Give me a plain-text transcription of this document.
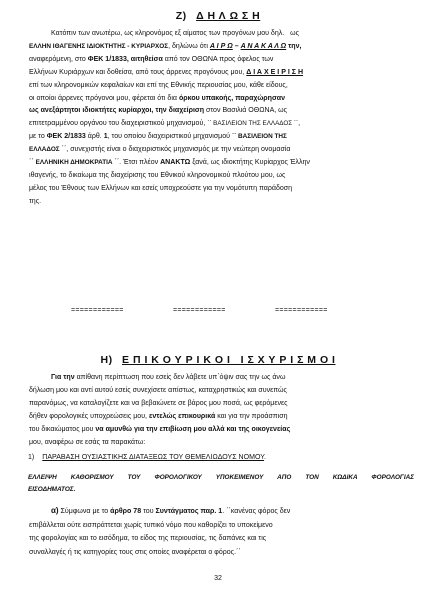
Ζ) Δ Η Λ Ω Σ Η
Κατόπιν των ανωτέρω, ως κληρονόμος εξ αίματος των προγόνων μου δηλ.   ως
ΕΛΛΗΝ ΙΘΑΓΕΝΗΣ ΙΔΙΟΚΤΗΤΗΣ - ΚΥΡΙΑΡΧΟΣ, δηλώνω ότι Α Ι Ρ Ω – Α Ν Α Κ Α Λ Ω την,
αναφερόμενη, στο ΦΕΚ 1/1833, αιτηθείσα από τον ΟΘΩΝΑ προς όφελος των
Ελλήνων Κυριάρχων και δοθείσα, από τους άρρενες προγόνους μου, Δ Ι Α Χ Ε Ι Ρ Ι Σ Η
επί των κληρονομικών κεφαλαίων και επί της Εθνικής περιουσίας μου, κάθε είδους,
οι οποίοι άρρενες πρόγονοι μου, φέρεται ότι δια όρκου υπακοής, παραχώρησαν
ως ανεξάρτητοι ιδιοκτήτες κυρίαρχοι, την διαχείριση στον Βασιλιά ΟΘΩΝΑ, ως
επιτετραμμένου οργάνου του διαχειριστικού μηχανισμού, ΄΄ ΒΑΣΙΛΕΙΟΝ ΤΗΣ ΕΛΛΑΔΟΣ ΄΄,
με το ΦΕΚ 2/1833 άρθ. 1, του οποίου διαχειριστικού μηχανισμού ΄΄ ΒΑΣΙΛΕΙΟΝ ΤΗΣ
ΕΛΛΑΔΟΣ ΄΄, συνεχιστής είναι ο διαχειριστικός μηχανισμός με την νεώτερη ονομασία
΄΄ ΕΛΛΗΝΙΚΗ ΔΗΜΟΚΡΑΤΙΑ ΄΄. Έτσι πλέον ΑΝΑΚΤΩ ξανά, ως ιδιοκτήτης Κυρίαρχος Έλλην
ιθαγενής, το δικαίωμα της διαχείρισης του Εθνικού κληρονομικού πλούτου μου, ως
μέλος του Έθνους των Ελλήνων και εσείς υποχρεούστε για την νομότυπη παράδοση
της.
============	============	============
Η) Ε Π Ι Κ Ο Υ Ρ Ι Κ Ο Ι   Ι Σ Χ Υ Ρ Ι Σ Μ Ο Ι
Για την απίθανη περίπτωση που εσείς δεν λάβετε υπ΄όψιν σας την ως άνω
δήλωση μου και αντί αυτού εσείς συνεχίσετε απίστως, καταχρηστικώς και συνεπώς
παρανόμως, να καταλογίζετε και να βεβαιώνετε σε βάρος μου ποσά, ως φερόμενες
δήθεν φορολογικές υποχρεώσεις μου, εντελώς επικουρικά και για την προάσπιση
του δικαιώματος μου να αμυνθώ για την επιβίωση μου αλλά και της οικογενείας
μου, αναφέρω σε εσάς τα παρακάτω:
1) ΠΑΡΑΒΑΣΗ ΟΥΣΙΑΣΤΙΚΗΣ ΔΙΑΤΑΞΕΩΣ ΤΟΥ ΘΕΜΕΛΙΩΔΟΥΣ ΝΟΜΟΥ.
ΕΛΛΕΙΨΗ ΚΑΘΟΡΙΣΜΟΥ ΤΟΥ ΦΟΡΟΛΟΓΙΚΟΥ ΥΠΟΚΕΙΜΕΝΟΥ ΑΠΟ ΤΟΝ ΚΩΔΙΚΑ ΦΟΡΟΛΟΓΙΑΣ
ΕΙΣΟΔΗΜΑΤΟΣ.
α) Σύμφωνα με το άρθρο 78 του Συντάγματος παρ. 1. ΄΄κανένας φόρος δεν
επιβάλλεται ούτε εισπράττεται χωρίς τυπικό νόμο που καθορίζει το υποκείμενο
της φορολογίας και το εισόδημα, το είδος της περιουσίας, τις δαπάνες και τις
συναλλαγές ή τις κατηγορίες τους στις οποίες αναφέρεται ο φόρος.΄΄
32
